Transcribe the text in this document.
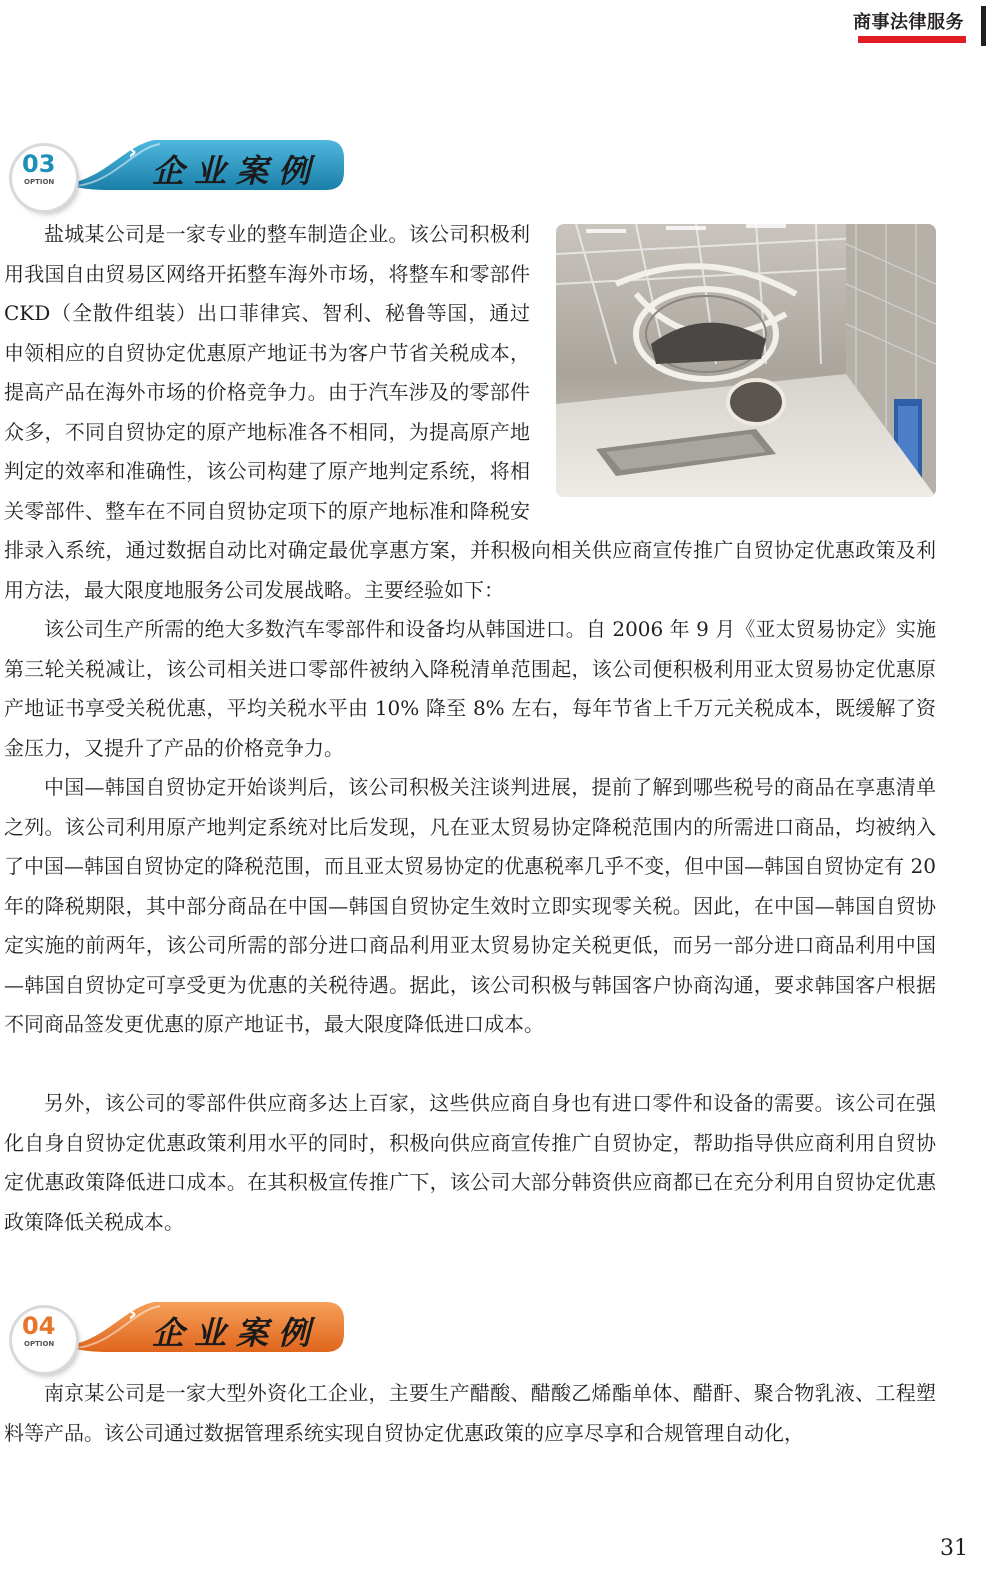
商事法律服务
03
OPTION
› 企业案例

盐城某公司是一家专业的整车制造企业。该公司积极利用我国自由贸易区网络开拓整车海外市场，将整车和零部件 CKD（全散件组装）出口菲律宾、智利、秘鲁等国，通过申领相应的自贸协定优惠原产地证书为客户节省关税成本，提高产品在海外市场的价格竞争力。由于汽车涉及的零部件众多，不同自贸协定的原产地标准各不相同，为提高原产地判定的效率和准确性，该公司构建了原产地判定系统，将相关零部件、整车在不同自贸协定项下的原产地标准和降税安排录入系统，通过数据自动比对确定最优享惠方案，并积极向相关供应商宣传推广自贸协定优惠政策及利用方法，最大限度地服务公司发展战略。主要经验如下：

该公司生产所需的绝大多数汽车零部件和设备均从韩国进口。自 2006 年 9 月《亚太贸易协定》实施第三轮关税减让，该公司相关进口零部件被纳入降税清单范围起，该公司便积极利用亚太贸易协定优惠原产地证书享受关税优惠，平均关税水平由 10% 降至 8% 左右，每年节省上千万元关税成本，既缓解了资金压力，又提升了产品的价格竞争力。

中国—韩国自贸协定开始谈判后，该公司积极关注谈判进展，提前了解到哪些税号的商品在享惠清单之列。该公司利用原产地判定系统对比后发现，凡在亚太贸易协定降税范围内的所需进口商品，均被纳入了中国—韩国自贸协定的降税范围，而且亚太贸易协定的优惠税率几乎不变，但中国—韩国自贸协定有 20 年的降税期限，其中部分商品在中国—韩国自贸协定生效时立即实现零关税。因此，在中国—韩国自贸协定实施的前两年，该公司所需的部分进口商品利用亚太贸易协定关税更低，而另一部分进口商品利用中国—韩国自贸协定可享受更为优惠的关税待遇。据此，该公司积极与韩国客户协商沟通，要求韩国客户根据不同商品签发更优惠的原产地证书，最大限度降低进口成本。

另外，该公司的零部件供应商多达上百家，这些供应商自身也有进口零件和设备的需要。该公司在强化自身自贸协定优惠政策利用水平的同时，积极向供应商宣传推广自贸协定，帮助指导供应商利用自贸协定优惠政策降低进口成本。在其积极宣传推广下，该公司大部分韩资供应商都已在充分利用自贸协定优惠政策降低关税成本。

04
OPTION
› 企业案例

南京某公司是一家大型外资化工企业，主要生产醋酸、醋酸乙烯酯单体、醋酐、聚合物乳液、工程塑料等产品。该公司通过数据管理系统实现自贸协定优惠政策的应享尽享和合规管理自动化，

31
